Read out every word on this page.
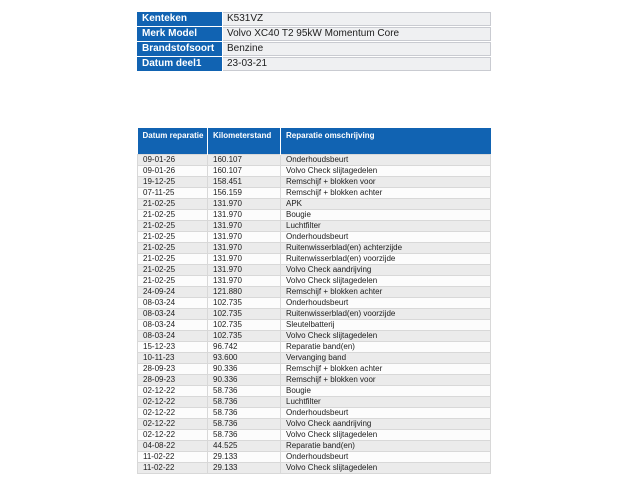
Kenteken	K531VZ
Merk Model	Volvo XC40 T2 95kW Momentum Core
Brandstofsoort	Benzine
Datum deel1	23-03-21
Datum reparatie	Kilometerstand	Reparatie omschrijving
09-01-26	160.107	Onderhoudsbeurt
09-01-26	160.107	Volvo Check slijtagedelen
19-12-25	158.451	Remschijf + blokken voor
07-11-25	156.159	Remschijf + blokken achter
21-02-25	131.970	APK
21-02-25	131.970	Bougie
21-02-25	131.970	Luchtfilter
21-02-25	131.970	Onderhoudsbeurt
21-02-25	131.970	Ruitenwisserblad(en) achterzijde
21-02-25	131.970	Ruitenwisserblad(en) voorzijde
21-02-25	131.970	Volvo Check aandrijving
21-02-25	131.970	Volvo Check slijtagedelen
24-09-24	121.880	Remschijf + blokken achter
08-03-24	102.735	Onderhoudsbeurt
08-03-24	102.735	Ruitenwisserblad(en) voorzijde
08-03-24	102.735	Sleutelbatterij
08-03-24	102.735	Volvo Check slijtagedelen
15-12-23	96.742	Reparatie band(en)
10-11-23	93.600	Vervanging band
28-09-23	90.336	Remschijf + blokken achter
28-09-23	90.336	Remschijf + blokken voor
02-12-22	58.736	Bougie
02-12-22	58.736	Luchtfilter
02-12-22	58.736	Onderhoudsbeurt
02-12-22	58.736	Volvo Check aandrijving
02-12-22	58.736	Volvo Check slijtagedelen
04-08-22	44.525	Reparatie band(en)
11-02-22	29.133	Onderhoudsbeurt
11-02-22	29.133	Volvo Check slijtagedelen
